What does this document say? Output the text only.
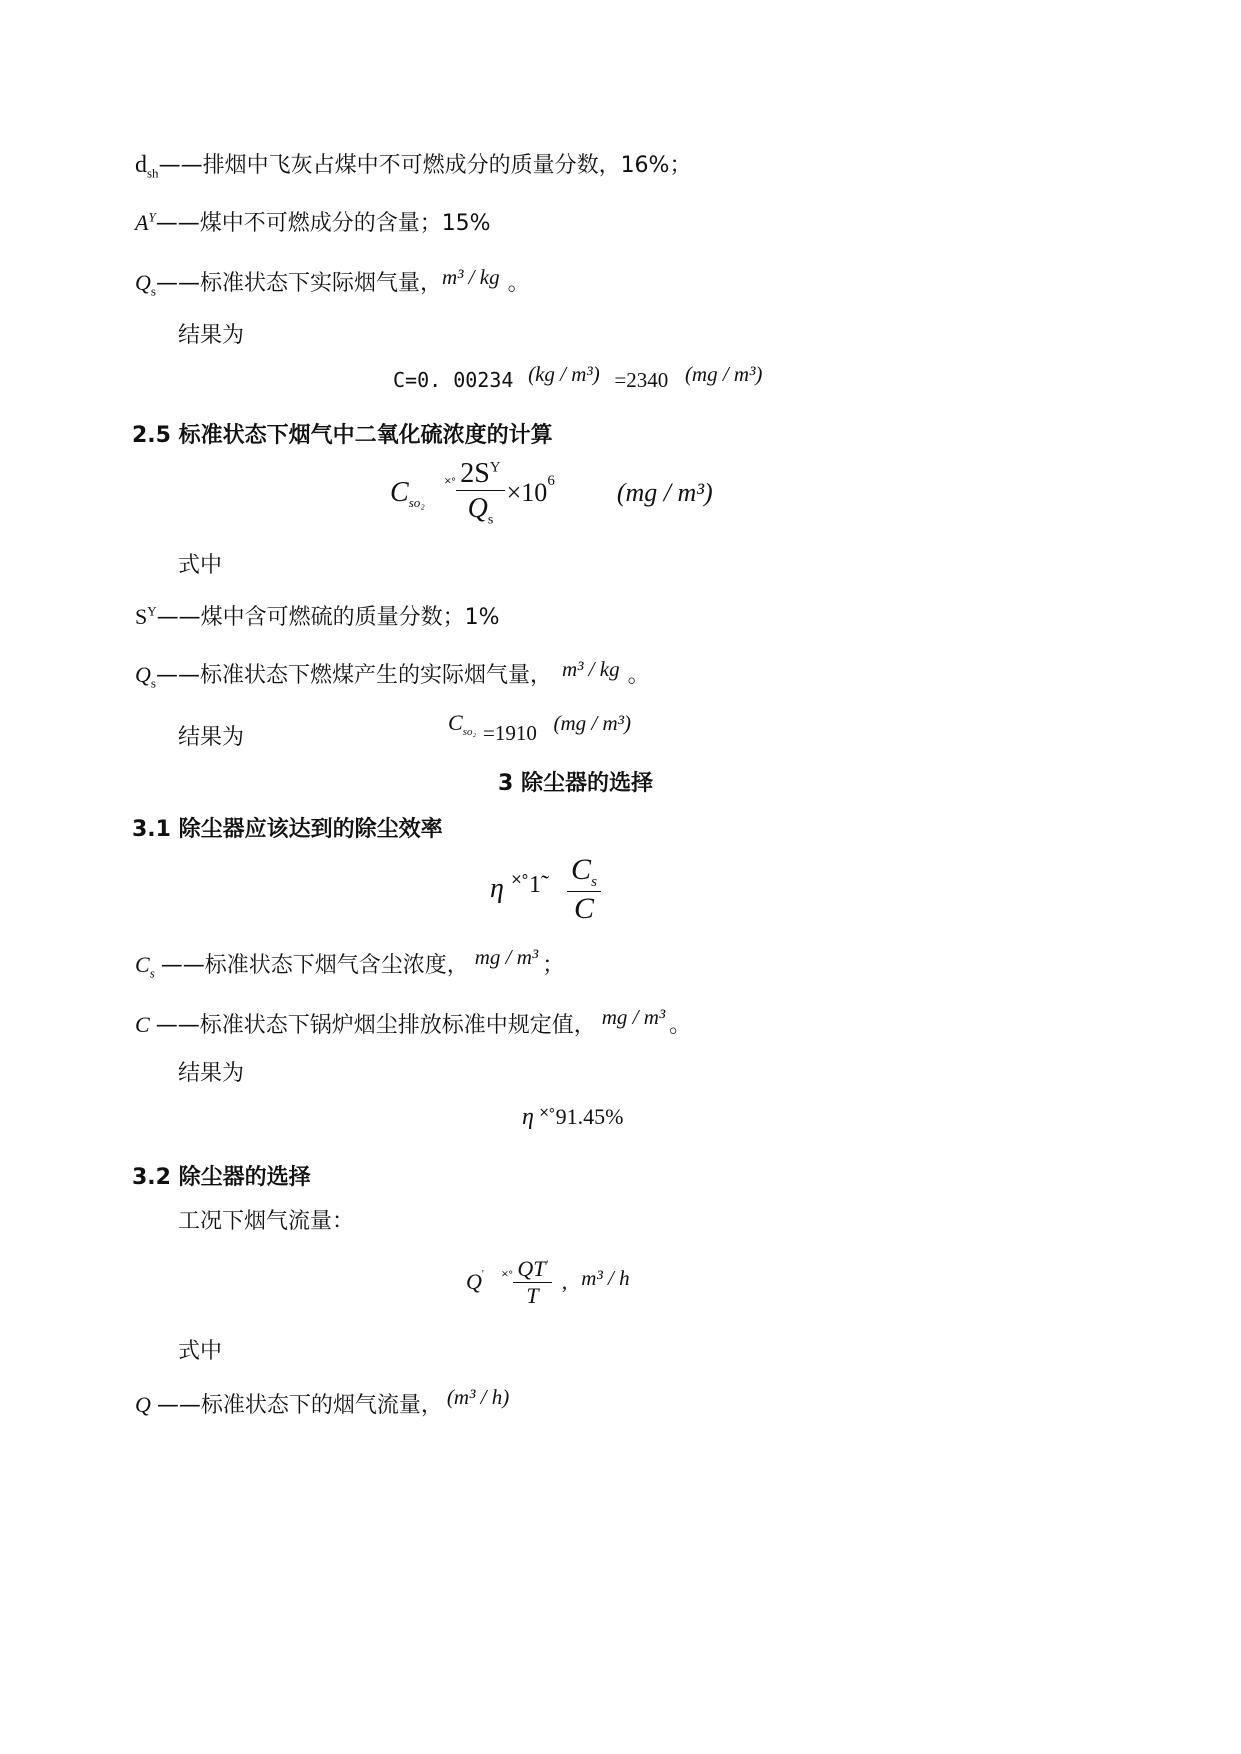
$d_{sh}——$排烟中飞灰占煤中不可燃成分的质量分数，16%；
$A^Y——$煤中不可燃成分的含量；15%
$Q_s——$标准状态下实际烟气量，m³ / kg 。
结果为
C=0. 00234 (kg / m³) =2340 (mg / m³)
2.5 标准状态下烟气中二氧化硫浓度的计算
$C_{so_2}$
˟˚ $\frac{2S^Y}{Q_s} \times 10^6$ (mg / m³)
式中
$S^Y——$煤中含可燃硫的质量分数；1%
$Q_s——$标准状态下燃煤产生的实际烟气量， m³ / kg 。
结果为
$C_{so_2} =1910$ (mg / m³)
3 除尘器的选择
3.1 除尘器应该达到的除尘效率
η ˟˚1̃ $\frac{C_s}{C}$
$C_s$ ——标准状态下烟气含尘浓度， mg / m³ ；
C ——标准状态下锅炉烟尘排放标准中规定值， mg / m³ 。
结果为
η ˟˚91.45%
3.2 除尘器的选择
工况下烟气流量：
Q' ˟˚ $\frac{QT'}{T}$ , m³ / h
式中
Q ——标准状态下的烟气流量， (m³ / h)
